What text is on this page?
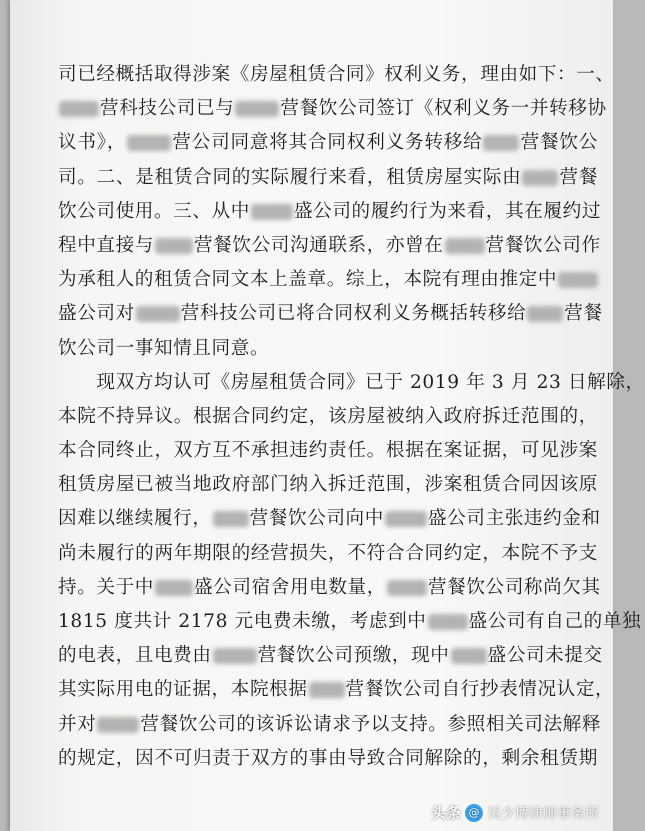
司已经概括取得涉案《房屋租赁合同》权利义务，理由如下：一、
营科技公司已与 营餐饮公司签订《权利义务一并转移协
议书》， 营公司同意将其合同权利义务转移给 营餐饮公
司。二、是租赁合同的实际履行来看，租赁房屋实际由 营餐
饮公司使用。三、从中 盛公司的履约行为来看，其在履约过
程中直接与 营餐饮公司沟通联系，亦曾在 营餐饮公司作
为承租人的租赁合同文本上盖章。综上，本院有理由推定中
盛公司对 营科技公司已将合同权利义务概括转移给 营餐
饮公司一事知情且同意。
　　现双方均认可《房屋租赁合同》已于 2019 年 3 月 23 日解除，
本院不持异议。根据合同约定，该房屋被纳入政府拆迁范围的，
本合同终止，双方互不承担违约责任。根据在案证据，可见涉案
租赁房屋已被当地政府部门纳入拆迁范围，涉案租赁合同因该原
因难以继续履行， 营餐饮公司向中 盛公司主张违约金和
尚未履行的两年期限的经营损失，不符合合同约定，本院不予支
持。关于中 盛公司宿舍用电数量， 营餐饮公司称尚欠其
1815 度共计 2178 元电费未缴，考虑到中 盛公司有自己的单独
的电表，且电费由 营餐饮公司预缴，现中 盛公司未提交
其实际用电的证据，本院根据 营餐饮公司自行抄表情况认定，
并对 营餐饮公司的该诉讼请求予以支持。参照相关司法解释
的规定，因不可归责于双方的事由导致合同解除的，剩余租赁期
头条 @ 吴少博律师事务所
